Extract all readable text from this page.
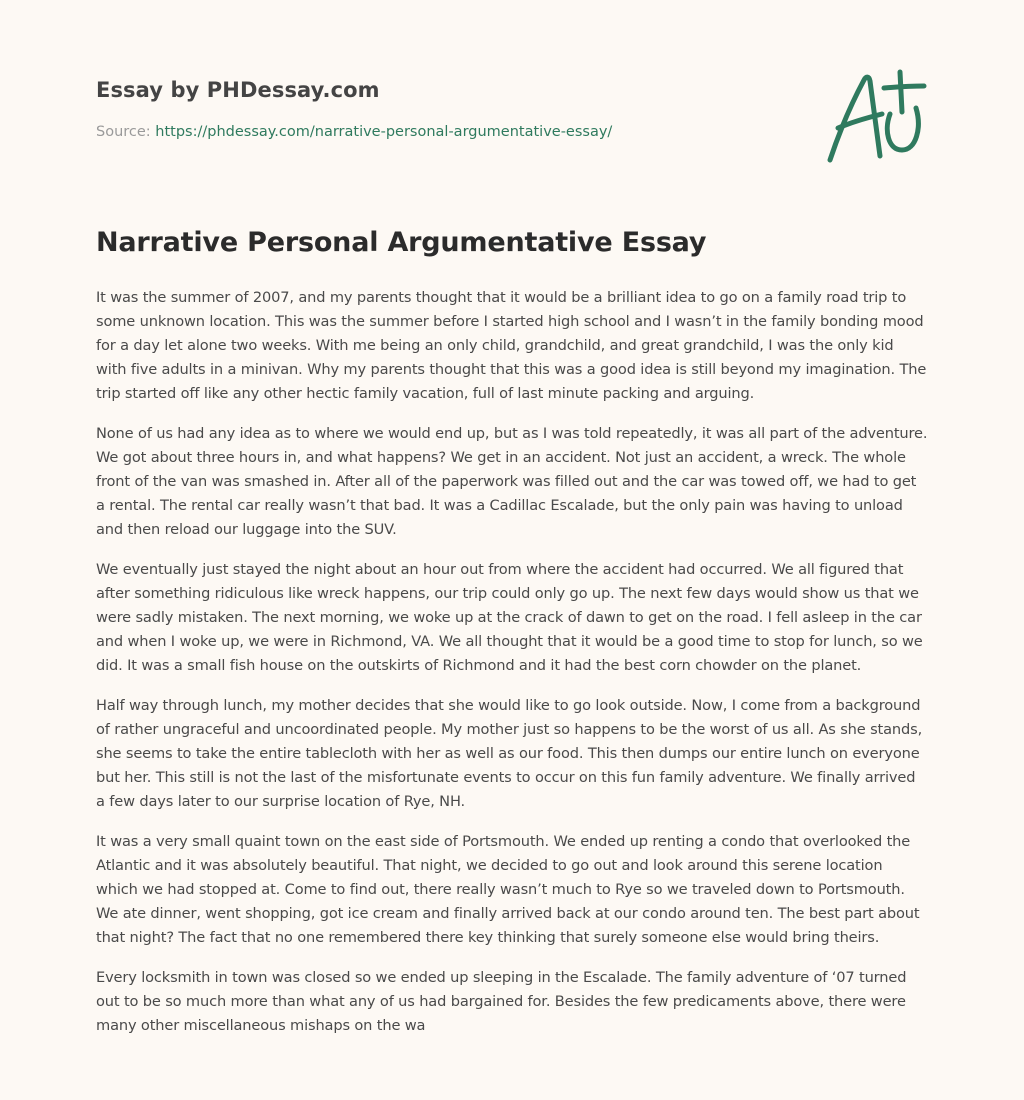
Essay by PHDessay.com
Source: https://phdessay.com/narrative-personal-argumentative-essay/
Narrative Personal Argumentative Essay

It was the summer of 2007, and my parents thought that it would be a brilliant idea to go on a family road trip to some unknown location. This was the summer before I started high school and I wasn’t in the family bonding mood for a day let alone two weeks. With me being an only child, grandchild, and great grandchild, I was the only kid with five adults in a minivan. Why my parents thought that this was a good idea is still beyond my imagination. The trip started off like any other hectic family vacation, full of last minute packing and arguing.

None of us had any idea as to where we would end up, but as I was told repeatedly, it was all part of the adventure. We got about three hours in, and what happens? We get in an accident. Not just an accident, a wreck. The whole front of the van was smashed in. After all of the paperwork was filled out and the car was towed off, we had to get a rental. The rental car really wasn’t that bad. It was a Cadillac Escalade, but the only pain was having to unload and then reload our luggage into the SUV.

We eventually just stayed the night about an hour out from where the accident had occurred. We all figured that after something ridiculous like wreck happens, our trip could only go up. The next few days would show us that we were sadly mistaken. The next morning, we woke up at the crack of dawn to get on the road. I fell asleep in the car and when I woke up, we were in Richmond, VA. We all thought that it would be a good time to stop for lunch, so we did. It was a small fish house on the outskirts of Richmond and it had the best corn chowder on the planet.

Half way through lunch, my mother decides that she would like to go look outside. Now, I come from a background of rather ungraceful and uncoordinated people. My mother just so happens to be the worst of us all. As she stands, she seems to take the entire tablecloth with her as well as our food. This then dumps our entire lunch on everyone but her. This still is not the last of the misfortunate events to occur on this fun family adventure. We finally arrived a few days later to our surprise location of Rye, NH.

It was a very small quaint town on the east side of Portsmouth. We ended up renting a condo that overlooked the Atlantic and it was absolutely beautiful. That night, we decided to go out and look around this serene location which we had stopped at. Come to find out, there really wasn’t much to Rye so we traveled down to Portsmouth. We ate dinner, went shopping, got ice cream and finally arrived back at our condo around ten. The best part about that night? The fact that no one remembered there key thinking that surely someone else would bring theirs.

Every locksmith in town was closed so we ended up sleeping in the Escalade. The family adventure of ‘07 turned out to be so much more than what any of us had bargained for. Besides the few predicaments above, there were many other miscellaneous mishaps on the wa
